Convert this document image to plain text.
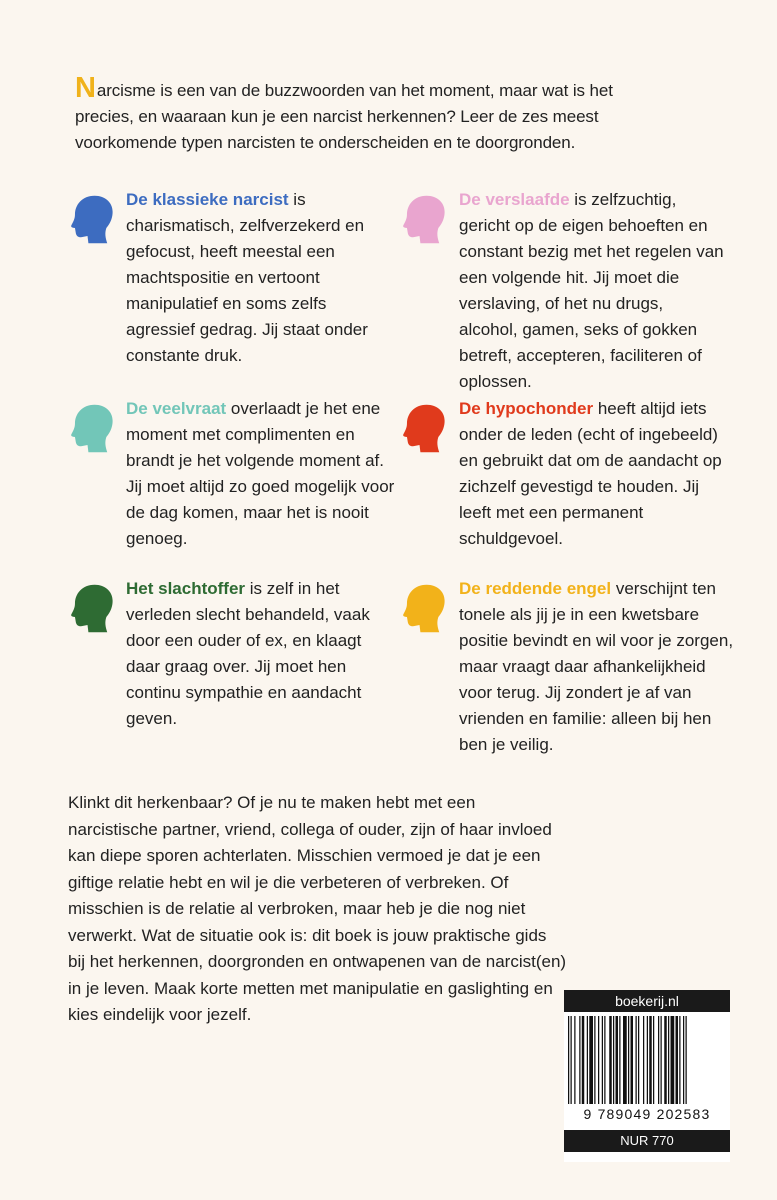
Narcisme is een van de buzzwoorden van het moment, maar wat is het precies, en waaraan kun je een narcist herkennen? Leer de zes meest voorkomende typen narcisten te onderscheiden en te doorgronden.
De klassieke narcist is charismatisch, zelfverzekerd en gefocust, heeft meestal een machtspositie en vertoont manipulatief en soms zelfs agressief gedrag. Jij staat onder constante druk.
De verslaafde is zelfzuchtig, gericht op de eigen behoeften en constant bezig met het regelen van een volgende hit. Jij moet die verslaving, of het nu drugs, alcohol, gamen, seks of gokken betreft, accepteren, faciliteren of oplossen.
De veelvraat overlaadt je het ene moment met complimenten en brandt je het volgende moment af. Jij moet altijd zo goed mogelijk voor de dag komen, maar het is nooit genoeg.
De hypochonder heeft altijd iets onder de leden (echt of ingebeeld) en gebruikt dat om de aandacht op zichzelf gevestigd te houden. Jij leeft met een permanent schuldgevoel.
Het slachtoffer is zelf in het verleden slecht behandeld, vaak door een ouder of ex, en klaagt daar graag over. Jij moet hen continu sympathie en aandacht geven.
De reddende engel verschijnt ten tonele als jij je in een kwetsbare positie bevindt en wil voor je zorgen, maar vraagt daar afhankelijkheid voor terug. Jij zondert je af van vrienden en familie: alleen bij hen ben je veilig.
Klinkt dit herkenbaar? Of je nu te maken hebt met een narcistische partner, vriend, collega of ouder, zijn of haar invloed kan diepe sporen achterlaten. Misschien vermoed je dat je een giftige relatie hebt en wil je die verbeteren of verbreken. Of misschien is de relatie al verbroken, maar heb je die nog niet verwerkt. Wat de situatie ook is: dit boek is jouw praktische gids bij het herkennen, doorgronden en ontwapenen van de narcist(en) in je leven. Maak korte metten met manipulatie en gaslighting en kies eindelijk voor jezelf.
boekerij.nl
9 789049 202583
NUR 770
